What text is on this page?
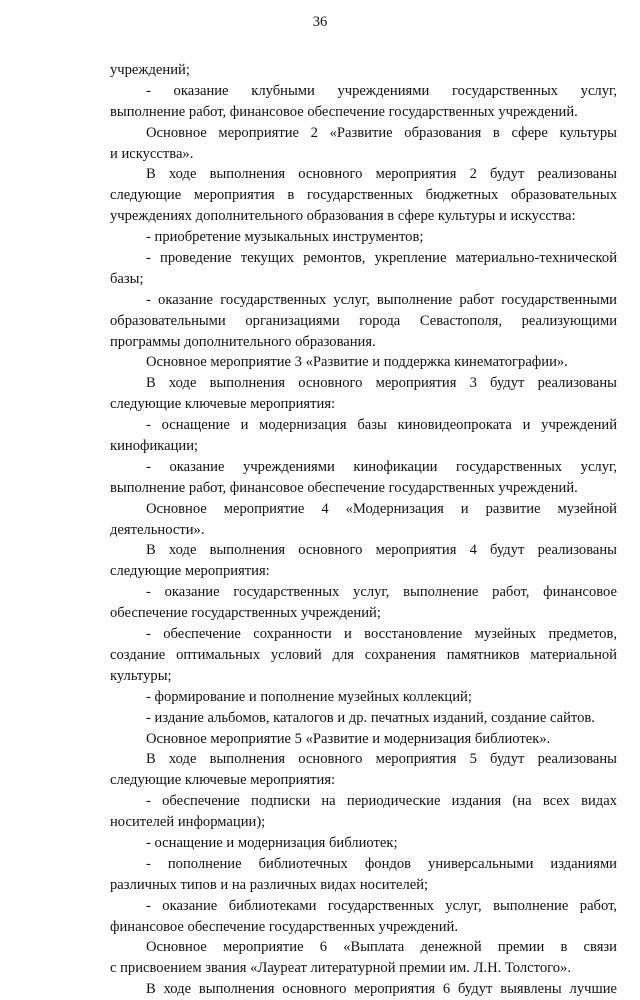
36
учреждений;
- оказание клубными учреждениями государственных услуг,
выполнение работ, финансовое обеспечение государственных учреждений.
Основное мероприятие 2 «Развитие образования в сфере культуры
и искусства».
В ходе выполнения основного мероприятия 2 будут реализованы
следующие мероприятия в государственных бюджетных образовательных
учреждениях дополнительного образования в сфере культуры и искусства:
- приобретение музыкальных инструментов;
- проведение текущих ремонтов, укрепление материально-технической
базы;
- оказание государственных услуг, выполнение работ государственными
образовательными организациями города Севастополя, реализующими
программы дополнительного образования.
Основное мероприятие 3 «Развитие и поддержка кинематографии».
В ходе выполнения основного мероприятия 3 будут реализованы
следующие ключевые мероприятия:
- оснащение и модернизация базы киновидеопроката и учреждений
кинофикации;
- оказание учреждениями кинофикации государственных услуг,
выполнение работ, финансовое обеспечение государственных учреждений.
Основное мероприятие 4 «Модернизация и развитие музейной
деятельности».
В ходе выполнения основного мероприятия 4 будут реализованы
следующие мероприятия:
- оказание государственных услуг, выполнение работ, финансовое
обеспечение государственных учреждений;
- обеспечение сохранности и восстановление музейных предметов,
создание оптимальных условий для сохранения памятников материальной
культуры;
- формирование и пополнение музейных коллекций;
- издание альбомов, каталогов и др. печатных изданий, создание сайтов.
Основное мероприятие 5 «Развитие и модернизация библиотек».
В ходе выполнения основного мероприятия 5 будут реализованы
следующие ключевые мероприятия:
- обеспечение подписки на периодические издания (на всех видах
носителей информации);
- оснащение и модернизация библиотек;
- пополнение библиотечных фондов универсальными изданиями
различных типов и на различных видах носителей;
- оказание библиотеками государственных услуг, выполнение работ,
финансовое обеспечение государственных учреждений.
Основное мероприятие 6 «Выплата денежной премии в связи
с присвоением звания «Лауреат литературной премии им. Л.Н. Толстого».
В ходе выполнения основного мероприятия 6 будут выявлены лучшие
